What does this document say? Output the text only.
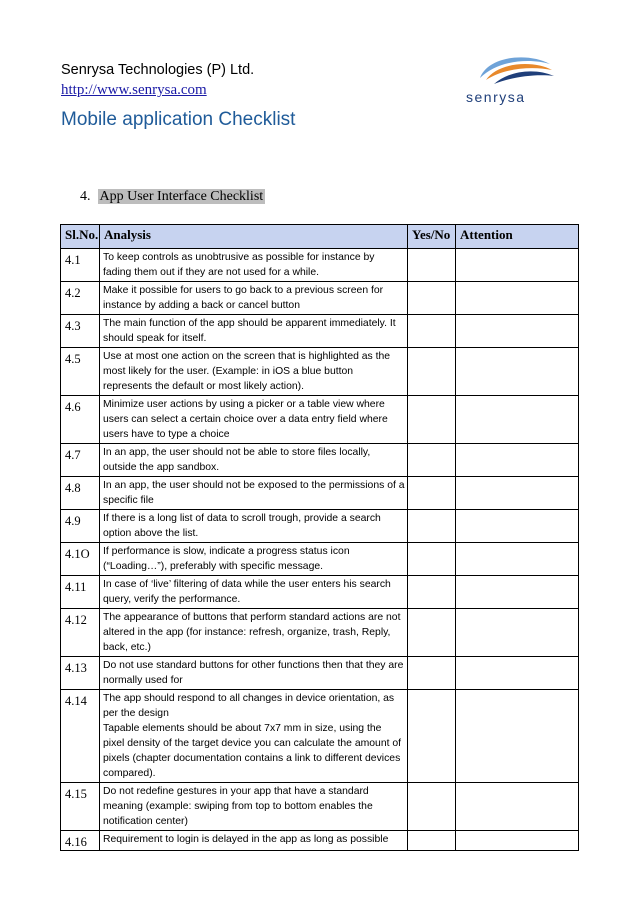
Senrysa Technologies (P) Ltd.
http://www.senrysa.com
Mobile application Checklist
senrysa
4. App User Interface Checklist
Sl.No.	Analysis	Yes/No	Attention
4.1	To keep controls as unobtrusive as possible for instance by fading them out if they are not used for a while.		
4.2	Make it possible for users to go back to a previous screen for instance by adding a back or cancel button		
4.3	The main function of the app should be apparent immediately. It should speak for itself.		
4.5	Use at most one action on the screen that is highlighted as the most likely for the user. (Example: in iOS a blue button represents the default or most likely action).		
4.6	Minimize user actions by using a picker or a table view where users can select a certain choice over a data entry field where users have to type a choice		
4.7	In an app, the user should not be able to store files locally, outside the app sandbox.		
4.8	In an app, the user should not be exposed to the permissions of a specific file		
4.9	If there is a long list of data to scroll trough, provide a search option above the list.		
4.1O	If performance is slow, indicate a progress status icon (“Loading…”), preferably with specific message.		
4.11	In case of ‘live’ filtering of data while the user enters his search query, verify the performance.		
4.12	The appearance of buttons that perform standard actions are not altered in the app (for instance: refresh, organize, trash, Reply, back, etc.)		
4.13	Do not use standard buttons for other functions then that they are normally used for		
4.14	The app should respond to all changes in device orientation, as per the design
Tapable elements should be about 7x7 mm in size, using the pixel density of the target device you can calculate the amount of pixels (chapter documentation contains a link to different devices compared).		

4.15	Do not redefine gestures in your app that have a standard meaning (example: swiping from top to bottom enables the notification center)		
4.16	Requirement to login is delayed in the app as long as possible		
